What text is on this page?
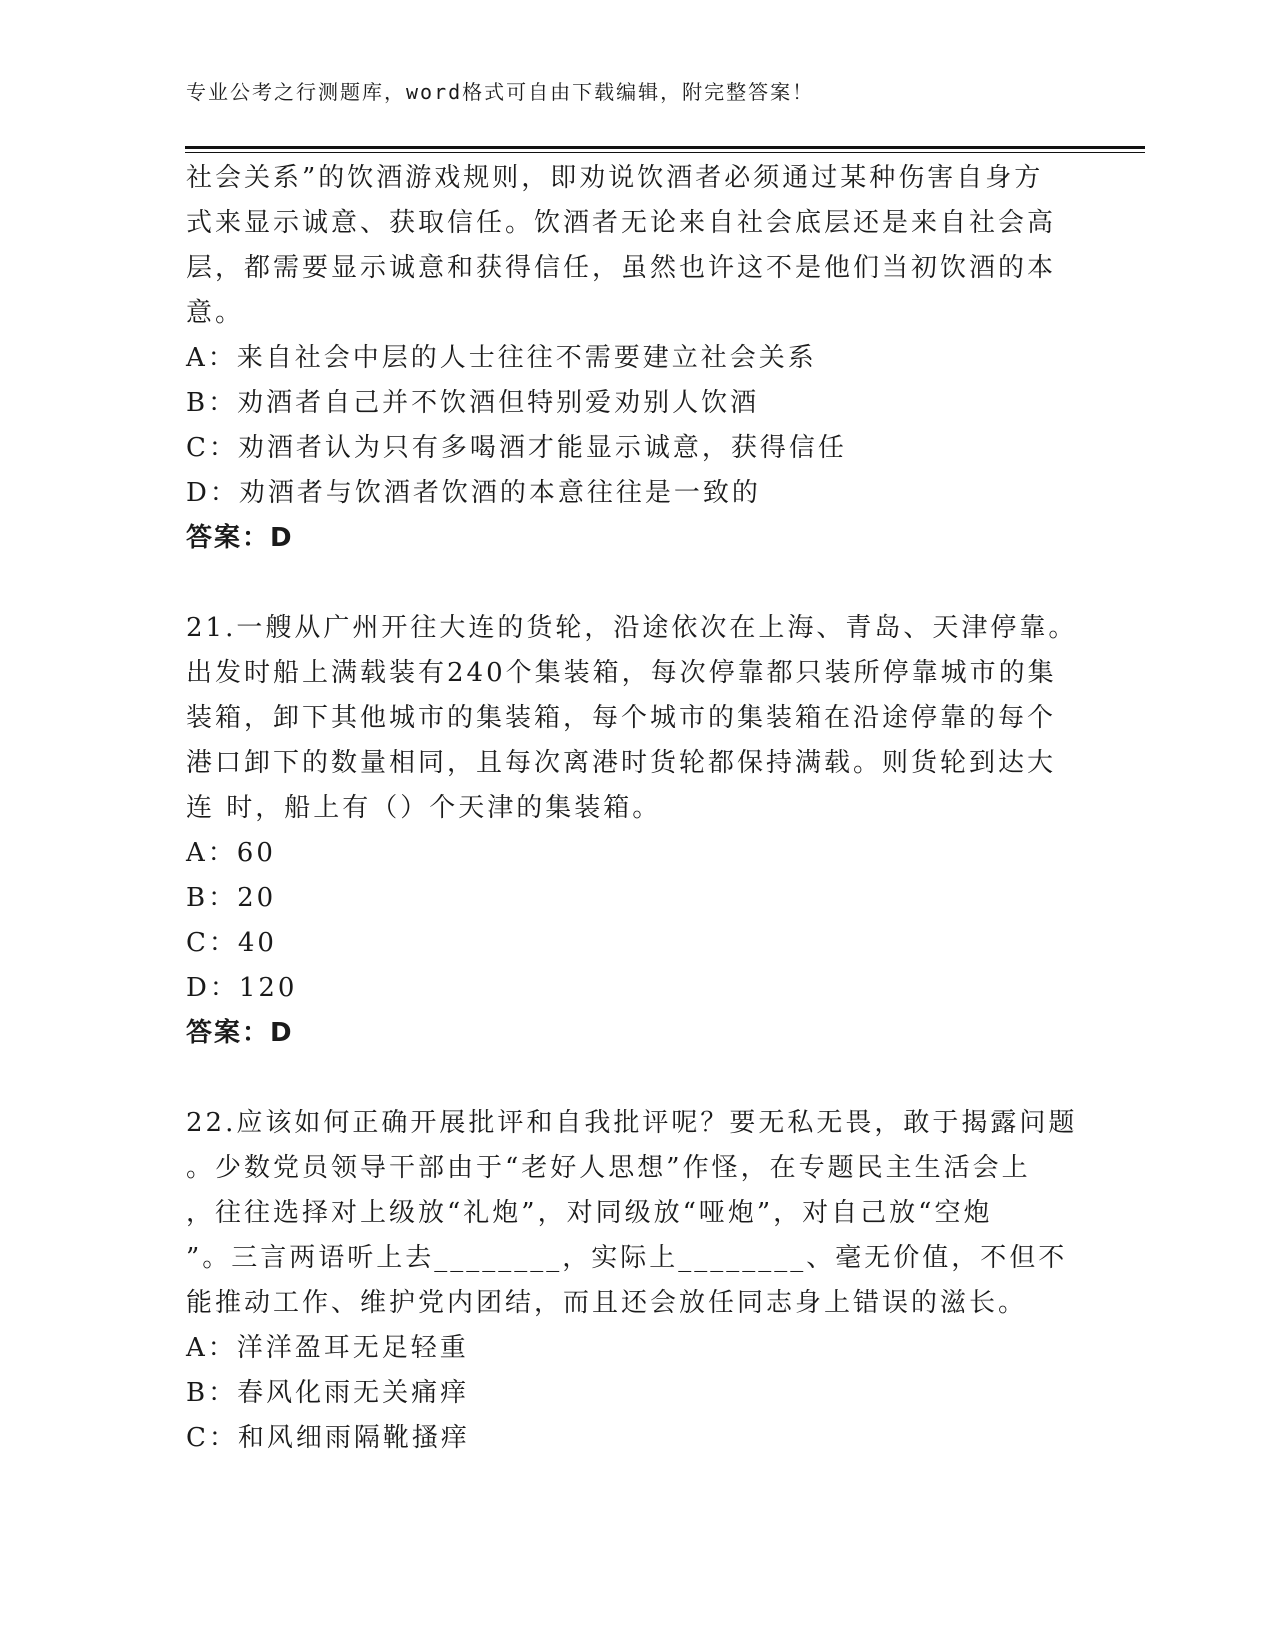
专业公考之行测题库，word格式可自由下载编辑，附完整答案！
社会关系”的饮酒游戏规则，即劝说饮酒者必须通过某种伤害自身方
式来显示诚意、获取信任。饮酒者无论来自社会底层还是来自社会高
层，都需要显示诚意和获得信任，虽然也许这不是他们当初饮酒的本
意。
A：来自社会中层的人士往往不需要建立社会关系
B：劝酒者自己并不饮酒但特别爱劝别人饮酒
C：劝酒者认为只有多喝酒才能显示诚意，获得信任
D：劝酒者与饮酒者饮酒的本意往往是一致的
答案：D
21.一艘从广州开往大连的货轮，沿途依次在上海、青岛、天津停靠。
出发时船上满载装有240个集装箱，每次停靠都只装所停靠城市的集
装箱，卸下其他城市的集装箱，每个城市的集装箱在沿途停靠的每个
港口卸下的数量相同，且每次离港时货轮都保持满载。则货轮到达大
连 时，船上有（）个天津的集装箱。
A：60
B：20
C：40
D：120
答案：D
22.应该如何正确开展批评和自我批评呢？要无私无畏，敢于揭露问题
。少数党员领导干部由于“老好人思想”作怪，在专题民主生活会上
，往往选择对上级放“礼炮”，对同级放“哑炮”，对自己放“空炮
”。三言两语听上去________，实际上________、毫无价值，不但不
能推动工作、维护党内团结，而且还会放任同志身上错误的滋长。
A：洋洋盈耳无足轻重
B：春风化雨无关痛痒
C：和风细雨隔靴搔痒
